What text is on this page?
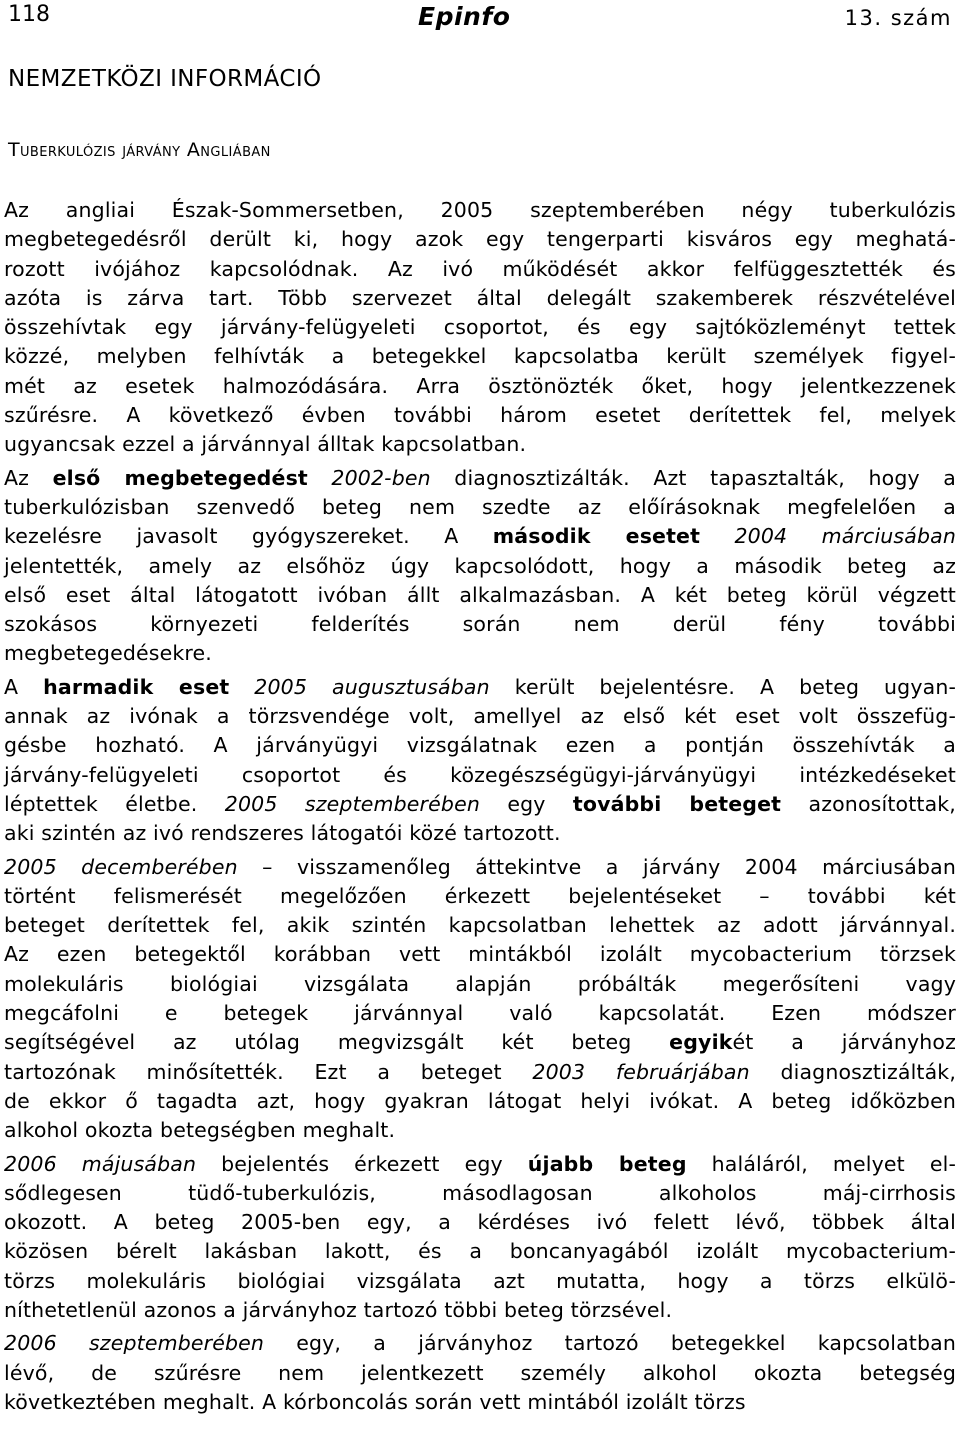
118	Epinfo	13. szám
NEMZETKÖZI INFORMÁCIÓ
Tuberkulózis járvány Angliában
Az angliai Észak-Sommersetben, 2005 szeptemberében négy tuberkulózis
megbetegedésről derült ki, hogy azok egy tengerparti kisváros egy meghatá-
rozott ivójához kapcsolódnak. Az ivó működését akkor felfüggesztették és
azóta is zárva tart. Több szervezet által delegált szakemberek részvételével
összehívtak egy járvány-felügyeleti csoportot, és egy sajtóközleményt tettek
közzé, melyben felhívták a betegekkel kapcsolatba került személyek figyel-
mét az esetek halmozódására. Arra ösztönözték őket, hogy jelentkezzenek
szűrésre. A következő évben további három esetet derítettek fel, melyek
ugyancsak ezzel a járvánnyal álltak kapcsolatban.
Az első megbetegedést 2002-ben diagnosztizálták. Azt tapasztalták, hogy a
tuberkulózisban szenvedő beteg nem szedte az előírásoknak megfelelően a
kezelésre javasolt gyógyszereket. A második esetet 2004 márciusában
jelentették, amely az elsőhöz úgy kapcsolódott, hogy a második beteg az
első eset által látogatott ivóban állt alkalmazásban. A két beteg körül végzett
szokásos környezeti felderítés során nem derül fény további
megbetegedésekre.
A harmadik eset 2005 augusztusában került bejelentésre. A beteg ugyan-
annak az ivónak a törzsvendége volt, amellyel az első két eset volt összefüg-
gésbe hozható. A járványügyi vizsgálatnak ezen a pontján összehívták a
járvány-felügyeleti csoportot és közegészségügyi-járványügyi intézkedéseket
léptettek életbe. 2005 szeptemberében egy további beteget azonosítottak,
aki szintén az ivó rendszeres látogatói közé tartozott.
2005 decemberében – visszamenőleg áttekintve a járvány 2004 márciusában
történt felismerését megelőzően érkezett bejelentéseket – további két
beteget derítettek fel, akik szintén kapcsolatban lehettek az adott járvánnyal.
Az ezen betegektől korábban vett mintákból izolált mycobacterium törzsek
molekuláris biológiai vizsgálata alapján próbálták megerősíteni vagy
megcáfolni e betegek járvánnyal való kapcsolatát. Ezen módszer
segítségével az utólag megvizsgált két beteg egyikét a járványhoz
tartozónak minősítették. Ezt a beteget 2003 februárjában diagnosztizálták,
de ekkor ő tagadta azt, hogy gyakran látogat helyi ivókat. A beteg időközben
alkohol okozta betegségben meghalt.
2006 májusában bejelentés érkezett egy újabb beteg haláláról, melyet el-
sődlegesen tüdő-tuberkulózis, másodlagosan alkoholos máj-cirrhosis
okozott. A beteg 2005-ben egy, a kérdéses ivó felett lévő, többek által
közösen bérelt lakásban lakott, és a boncanyagából izolált mycobacterium-
törzs molekuláris biológiai vizsgálata azt mutatta, hogy a törzs elkülö-
níthetetlenül azonos a járványhoz tartozó többi beteg törzsével.
2006 szeptemberében egy, a járványhoz tartozó betegekkel kapcsolatban
lévő, de szűrésre nem jelentkezett személy alkohol okozta betegség
következtében meghalt. A kórboncolás során vett mintából izolált törzs
